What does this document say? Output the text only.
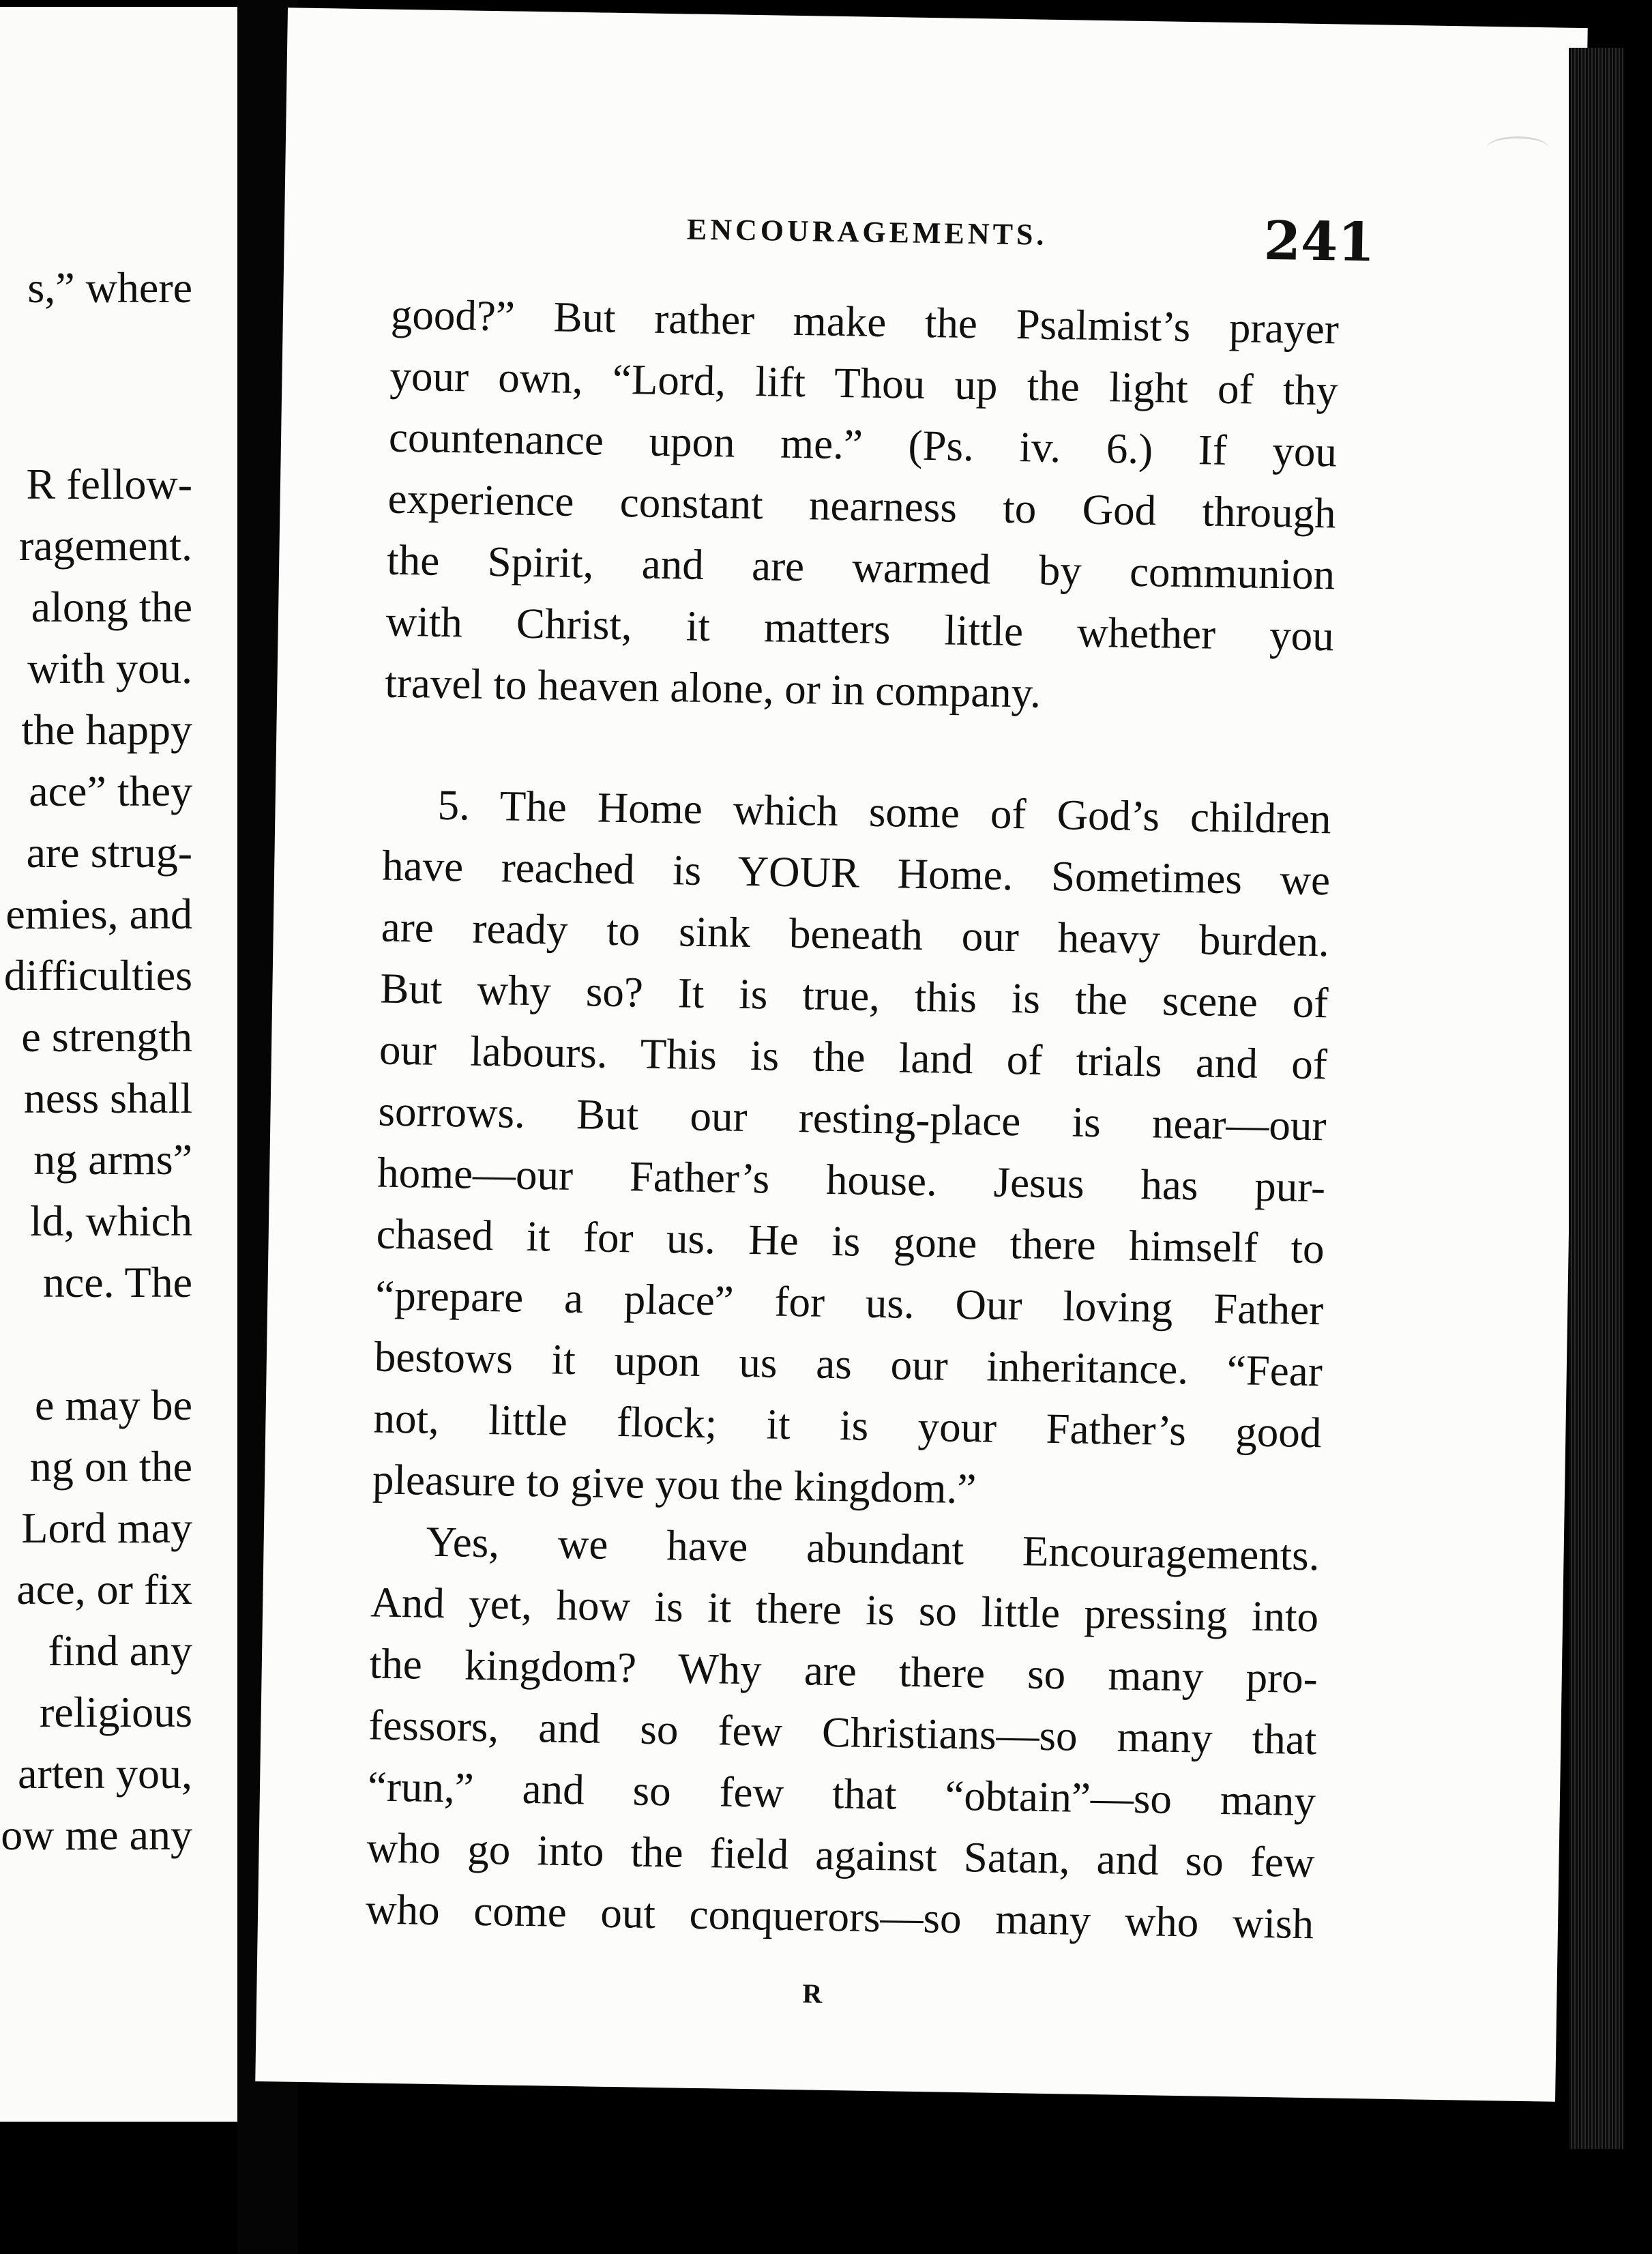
s,” where
R fellow-
ragement.
along the
with you.
the happy
ace” they
are strug-
emies, and
difficulties
e strength
ness shall
ng arms”
ld, which
nce. The
e may be
ng on the
Lord may
ace, or fix
find any
religious
arten you,
ow me any
ENCOURAGEMENTS.	241
good?” But rather make the Psalmist’s prayer
your own, “Lord, lift Thou up the light of thy
countenance upon me.” (Ps. iv. 6.) If you
experience constant nearness to God through
the Spirit, and are warmed by communion
with Christ, it matters little whether you
travel to heaven alone, or in company.
5. The Home which some of God’s children
have reached is YOUR Home. Sometimes we
are ready to sink beneath our heavy burden.
But why so? It is true, this is the scene of
our labours. This is the land of trials and of
sorrows. But our resting-place is near—our
home—our Father’s house. Jesus has pur-
chased it for us. He is gone there himself to
“prepare a place” for us. Our loving Father
bestows it upon us as our inheritance. “Fear
not, little flock; it is your Father’s good
pleasure to give you the kingdom.”
Yes, we have abundant Encouragements.
And yet, how is it there is so little pressing into
the kingdom? Why are there so many pro-
fessors, and so few Christians—so many that
“run,” and so few that “obtain”—so many
who go into the field against Satan, and so few
who come out conquerors—so many who wish
R
